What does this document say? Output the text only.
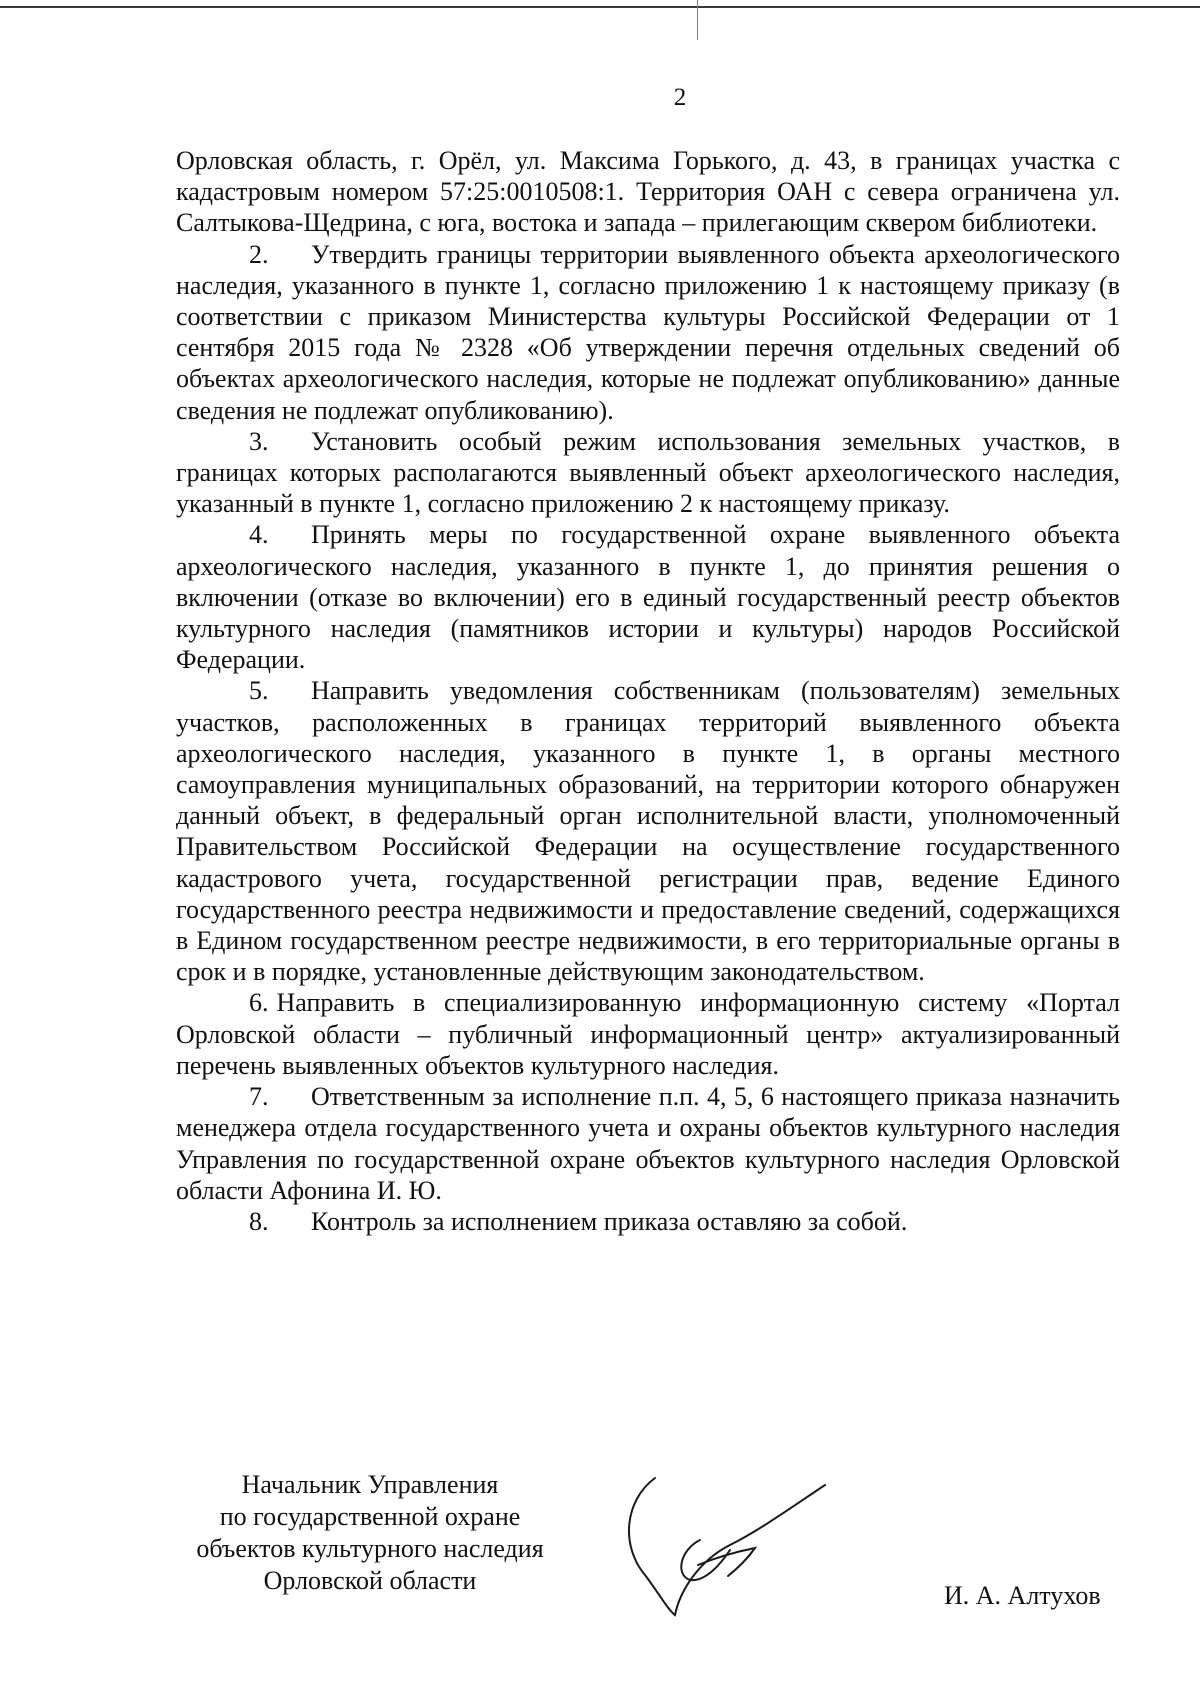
2

Орловская область, г. Орёл, ул. Максима Горького, д. 43, в границах участка с кадастровым номером 57:25:0010508:1. Территория ОАН с севера ограничена ул. Салтыкова-Щедрина, с юга, востока и запада – прилегающим сквером библиотеки.

2. Утвердить границы территории выявленного объекта археологического наследия, указанного в пункте 1, согласно приложению 1 к настоящему приказу (в соответствии с приказом Министерства культуры Российской Федерации от 1 сентября 2015 года № 2328 «Об утверждении перечня отдельных сведений об объектах археологического наследия, которые не подлежат опубликованию» данные сведения не подлежат опубликованию).

3. Установить особый режим использования земельных участков, в границах которых располагаются выявленный объект археологического наследия, указанный в пункте 1, согласно приложению 2 к настоящему приказу.

4. Принять меры по государственной охране выявленного объекта археологического наследия, указанного в пункте 1, до принятия решения о включении (отказе во включении) его в единый государственный реестр объектов культурного наследия (памятников истории и культуры) народов Российской Федерации.

5. Направить уведомления собственникам (пользователям) земельных участков, расположенных в границах территорий выявленного объекта археологического наследия, указанного в пункте 1, в органы местного самоуправления муниципальных образований, на территории которого обнаружен данный объект, в федеральный орган исполнительной власти, уполномоченный Правительством Российской Федерации на осуществление государственного кадастрового учета, государственной регистрации прав, ведение Единого государственного реестра недвижимости и предоставление сведений, содержащихся в Едином государственном реестре недвижимости, в его территориальные органы в срок и в порядке, установленные действующим законодательством.

6. Направить в специализированную информационную систему «Портал Орловской области – публичный информационный центр» актуализированный перечень выявленных объектов культурного наследия.

7. Ответственным за исполнение п.п. 4, 5, 6 настоящего приказа назначить менеджера отдела государственного учета и охраны объектов культурного наследия Управления по государственной охране объектов культурного наследия Орловской области Афонина И. Ю.

8. Контроль за исполнением приказа оставляю за собой.

Начальник Управления
по государственной охране
объектов культурного наследия
Орловской области
И. А. Алтухов
